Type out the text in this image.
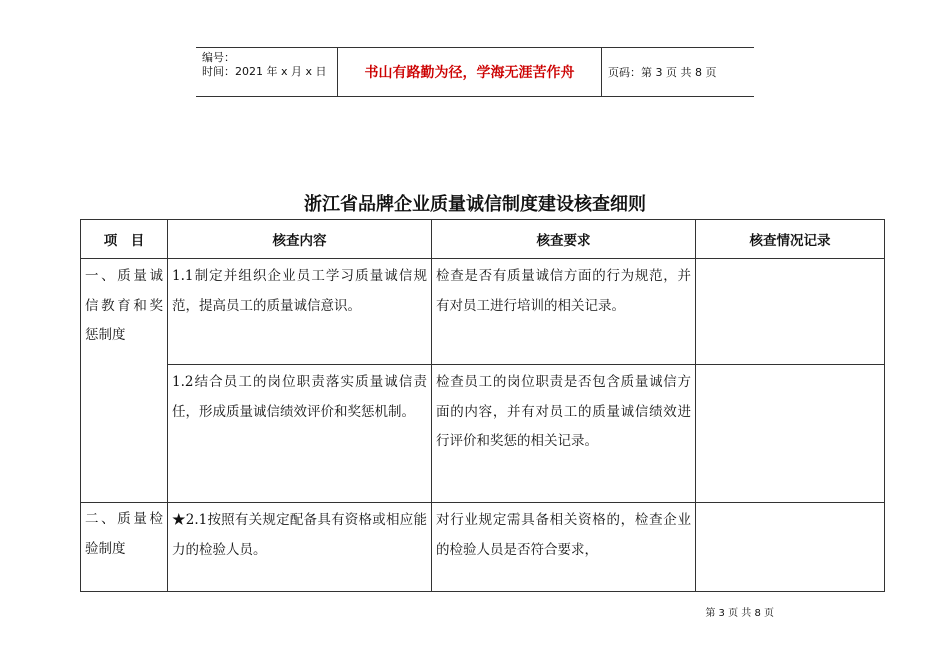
编号：
时间：2021 年 x 月 x 日	书山有路勤为径，学海无涯苦作舟	页码：第 3 页 共 8 页
浙江省品牌企业质量诚信制度建设核查细则
项　目	核查内容	核查要求	核查情况记录
一、质量诚信教育和奖惩制度	1.1制定并组织企业员工学习质量诚信规范，提高员工的质量诚信意识。	检查是否有质量诚信方面的行为规范，并有对员工进行培训的相关记录。	
	1.2结合员工的岗位职责落实质量诚信责任，形成质量诚信绩效评价和奖惩机制。	检查员工的岗位职责是否包含质量诚信方面的内容，并有对员工的质量诚信绩效进行评价和奖惩的相关记录。	
二、质量检验制度	★2.1按照有关规定配备具有资格或相应能力的检验人员。	对行业规定需具备相关资格的，检查企业的检验人员是否符合要求，	
第 3 页 共 8 页
